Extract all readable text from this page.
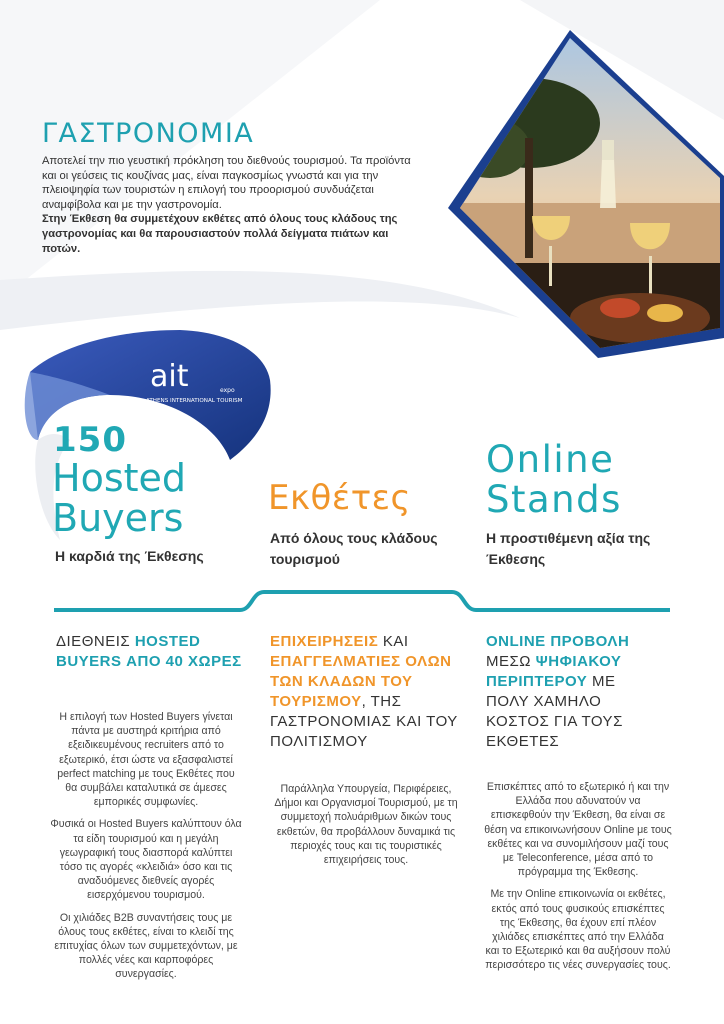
ait	expo
ATHENS INTERNATIONAL TOURISM
ΓΑΣΤΡΟΝΟΜΙΑ
Αποτελεί την πιο γευστική πρόκληση του διεθνούς τουρισμού. Τα προϊόντα και οι γεύσεις τις κουζίνας μας, είναι παγκοσμίως γνωστά και για την πλειοψηφία των τουριστών η επιλογή του προορισμού συνδυάζεται αναμφίβολα και με την γαστρονομία.
Στην Έκθεση θα συμμετέχουν εκθέτες από όλους τους κλάδους της γαστρονομίας και θα παρουσιαστούν πολλά δείγματα πιάτων και ποτών.
150
Hosted
Buyers
Η καρδιά της Έκθεσης
Εκθέτες
Από όλους τους κλάδους τουρισμού
Online
Stands
Η προστιθέμενη αξία της Έκθεσης
ΔΙΕΘΝΕΙΣ HOSTED BUYERS ΑΠΟ 40 ΧΩΡΕΣ
ΕΠΙΧΕΙΡΗΣΕΙΣ ΚΑΙ ΕΠΑΓΓΕΛΜΑΤΙΕΣ ΟΛΩΝ ΤΩΝ ΚΛΑΔΩΝ ΤΟΥ ΤΟΥΡΙΣΜΟΥ, ΤΗΣ ΓΑΣΤΡΟΝΟΜΙΑΣ ΚΑΙ ΤΟΥ ΠΟΛΙΤΙΣΜΟΥ
ONLINE ΠΡΟΒΟΛΗ ΜΕΣΩ ΨΗΦΙΑΚΟΥ ΠΕΡΙΠΤΕΡΟΥ ΜΕ ΠΟΛΥ ΧΑΜΗΛΟ ΚΟΣΤΟΣ ΓΙΑ ΤΟΥΣ ΕΚΘΕΤΕΣ

Η επιλογή των Hosted Buyers γίνεται πάντα με αυστηρά κριτήρια από εξειδικευμένους recruiters από το εξωτερικό, έτσι ώστε να εξασφαλιστεί perfect matching με τους Εκθέτες που θα συμβάλει καταλυτικά σε άμεσες εμπορικές συμφωνίες.

Φυσικά οι Hosted Buyers καλύπτουν όλα τα είδη τουρισμού και η μεγάλη γεωγραφική τους διασπορά καλύπτει τόσο τις αγορές «κλειδιά» όσο και τις αναδυόμενες διεθνείς αγορές εισερχόμενου τουρισμού.

Οι χιλιάδες B2B συναντήσεις τους με όλους τους εκθέτες, είναι το κλειδί της επιτυχίας όλων των συμμετεχόντων, με πολλές νέες και καρποφόρες συνεργασίες.

Παράλληλα Υπουργεία, Περιφέρειες, Δήμοι και Οργανισμοί Τουρισμού, με τη συμμετοχή πολυάριθμων δικών τους εκθετών, θα προβάλλουν δυναμικά τις περιοχές τους και τις τουριστικές επιχειρήσεις τους.

Επισκέπτες από το εξωτερικό ή και την Ελλάδα που αδυνατούν να επισκεφθούν την Έκθεση, θα είναι σε θέση να επικοινωνήσουν Online με τους εκθέτες και να συνομιλήσουν μαζί τους με Teleconference, μέσα από το πρόγραμμα της Έκθεσης.

Με την Online επικοινωνία οι εκθέτες, εκτός από τους φυσικούς επισκέπτες της Έκθεσης, θα έχουν επί πλέον χιλιάδες επισκέπτες από την Ελλάδα και το Εξωτερικό και θα αυξήσουν πολύ περισσότερο τις νέες συνεργασίες τους.
